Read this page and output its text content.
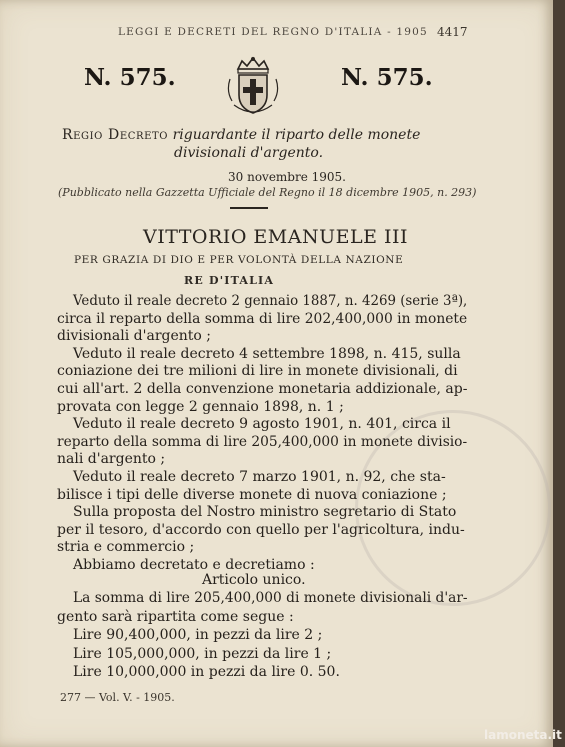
LEGGI E DECRETI DEL REGNO D'ITALIA - 1905 4417
N. 575.	N. 575.
Regio Decreto riguardante il riparto delle monete
divisionali d'argento.
30 novembre 1905.
(Pubblicato nella Gazzetta Ufficiale del Regno il 18 dicembre 1905, n. 293)
VITTORIO EMANUELE III
PER GRAZIA DI DIO E PER VOLONTÀ DELLA NAZIONE
RE D'ITALIA
Veduto il reale decreto 2 gennaio 1887, n. 4269 (serie 3ª),
circa il reparto della somma di lire 202,400,000 in monete
divisionali d'argento ;
Veduto il reale decreto 4 settembre 1898, n. 415, sulla
coniazione dei tre milioni di lire in monete divisionali, di
cui all'art. 2 della convenzione monetaria addizionale, ap-
provata con legge 2 gennaio 1898, n. 1 ;
Veduto il reale decreto 9 agosto 1901, n. 401, circa il
reparto della somma di lire 205,400,000 in monete divisio-
nali d'argento ;
Veduto il reale decreto 7 marzo 1901, n. 92, che sta-
bilisce i tipi delle diverse monete di nuova coniazione ;
Sulla proposta del Nostro ministro segretario di Stato
per il tesoro, d'accordo con quello per l'agricoltura, indu-
stria e commercio ;
Abbiamo decretato e decretiamo :
Articolo unico.
La somma di lire 205,400,000 di monete divisionali d'ar-
gento sarà ripartita come segue :
Lire 90,400,000, in pezzi da lire 2 ;
Lire 105,000,000, in pezzi da lire 1 ;
Lire 10,000,000 in pezzi da lire 0. 50.
277 — Vol. V. - 1905.
lamoneta.it
